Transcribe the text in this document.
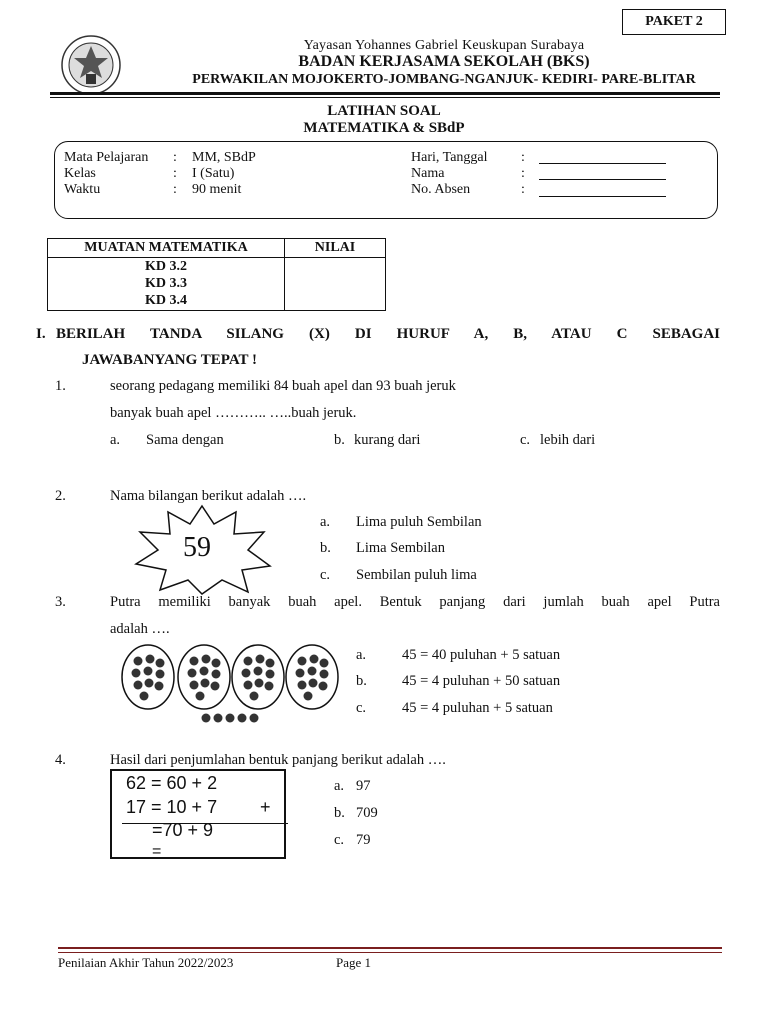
PAKET 2
Yayasan Yohannes Gabriel Keuskupan Surabaya
BADAN KERJASAMA SEKOLAH (BKS)
PERWAKILAN MOJOKERTO-JOMBANG-NGANJUK- KEDIRI- PARE-BLITAR
LATIHAN SOAL
MATEMATIKA & SBdP
Mata Pelajaran : MM, SBdP
Kelas	: I (Satu)
Waktu	: 90 menit
Hari, Tanggal :
Nama	:
No. Absen	:
MUATAN MATEMATIKA	NILAI
KD 3.2	
KD 3.3	
KD 3.4	
I. BERILAH TANDA SILANG (X) DI HURUF A, B, ATAU C SEBAGAI
JAWABANYANG TEPAT !
1.	seorang pedagang memiliki 84 buah apel dan 93 buah jeruk
banyak buah apel ……….. …..buah jeruk.
a. Sama dengan	b. kurang dari	c. lebih dari
2.	Nama bilangan berikut adalah ….
59
a. Lima puluh Sembilan
b. Lima Sembilan
c. Sembilan puluh lima
3.	Putra memiliki banyak buah apel. Bentuk panjang dari jumlah buah apel Putra
adalah ….
a. 45 = 40 puluhan + 5 satuan
b. 45 = 4 puluhan + 50 satuan
c. 45 = 4 puluhan + 5 satuan
4.	Hasil dari penjumlahan bentuk panjang berikut adalah ….
62 = 60 + 2
17 = 10 + 7 +
=70 + 9
=
a. 97
b. 709
c. 79
Penilaian Akhir Tahun 2022/2023	Page 1
